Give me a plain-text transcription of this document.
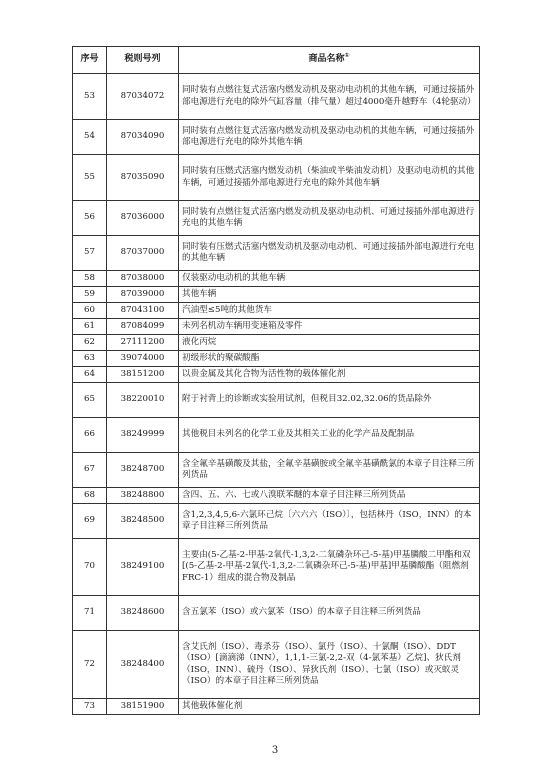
序号	税则号列	商品名称①
53	87034072	同时装有点燃往复式活塞内燃发动机及驱动电动机的其他车辆，可通过接插外部电源进行充电的除外气缸容量（排气量）超过4000毫升越野车（4轮驱动）
54	87034090	同时装有点燃往复式活塞内燃发动机及驱动电动机的其他车辆，可通过接插外部电源进行充电的除外其他车辆
55	87035090	同时装有压燃式活塞内燃发动机（柴油或半柴油发动机）及驱动电动机的其他车辆，可通过接插外部电源进行充电的除外其他车辆
56	87036000	同时装有点燃往复式活塞内燃发动机及驱动电动机、可通过接插外部电源进行充电的其他车辆
57	87037000	同时装有压燃式活塞内燃发动机及驱动电动机、可通过接插外部电源进行充电的其他车辆
58	87038000	仅装驱动电动机的其他车辆
59	87039000	其他车辆
60	87043100	汽油型≤5吨的其他货车
61	87084099	未列名机动车辆用变速箱及零件
62	27111200	液化丙烷
63	39074000	初级形状的聚碳酸酯
64	38151200	以贵金属及其化合物为活性物的载体催化剂
65	38220010	附于衬背上的诊断或实验用试剂，但税目32.02,32.06的货品除外
66	38249999	其他税目未列名的化学工业及其相关工业的化学产品及配制品
67	38248700	含全氟辛基磺酸及其盐，全氟辛基磺胺或全氟辛基磺酰氯的本章子目注释三所列货品
68	38248800	含四、五、六、七或八溴联苯醚的本章子目注释三所列货品
69	38248500	含1,2,3,4,5,6-六氯环己烷〔六六六（ISO）〕，包括林丹（ISO，INN）的本章子目注释三所列货品
70	38249100	主要由(5-乙基-2-甲基-2氧代-1,3,2-二氧磷杂环己-5-基)甲基膦酸二甲酯和双[(5-乙基-2-甲基-2氧代-1,3,2-二氧磷杂环己-5-基)甲基]甲基膦酸酯（阻燃剂 FRC-1）组成的混合物及制品
71	38248600	含五氯苯（ISO）或六氯苯（ISO）的本章子目注释三所列货品
72	38248400	含艾氏剂（ISO）、毒杀芬（ISO）、氯丹（ISO）、十氯酮（ISO）、DDT（ISO）[滴滴涕（INN），1,1,1-三氯-2,2-双（4-氯苯基）乙烷]、狄氏剂（ISO，INN）、硫丹（ISO）、异狄氏剂（ISO）、七氯（ISO）或灭蚁灵（ISO）的本章子目注释三所列货品
73	38151900	其他载体催化剂
3
